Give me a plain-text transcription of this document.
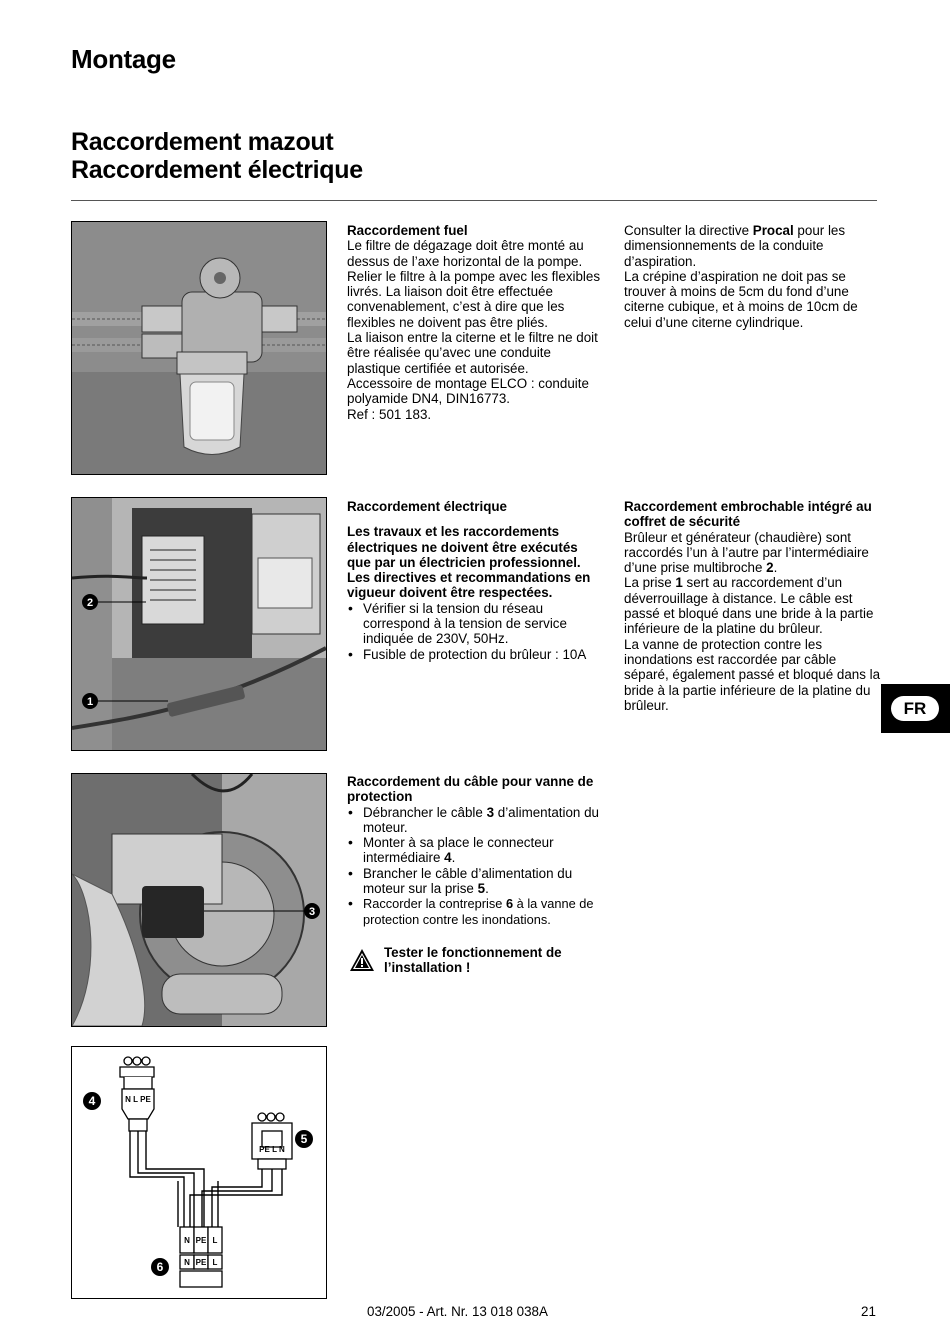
Montage
Raccordement mazout
Raccordement électrique

Raccordement fuel

Le filtre de dégazage doit être monté au dessus de l’axe horizontal de la pompe.

Relier le filtre à la pompe avec les flexibles livrés. La liaison doit être effectuée convenablement, c’est à dire que les flexibles ne doivent pas être pliés.

La liaison entre la citerne et le filtre ne doit être réalisée qu’avec une conduite plastique certifiée et autorisée.

Accessoire de montage ELCO : conduite polyamide DN4, DIN16773.

Ref : 501 183.

Consulter la directive Procal pour les dimensionnements de la conduite d’aspiration.

La crépine d’aspiration ne doit pas se trouver à moins de 5cm du fond d’une citerne cubique, et à moins de 10cm de celui d’une citerne cylindrique.

2
1

Raccordement électrique

Les travaux et les raccordements électriques ne doivent être exécutés que par un électricien professionnel. Les directives et recommandations en vigueur doivent être respectées.

• Vérifier si la tension du réseau correspond à la tension de service indiquée de 230V, 50Hz.

• Fusible de protection du brûleur : 10A

Raccordement embrochable intégré au coffret de sécurité

Brûleur et générateur (chaudière) sont raccordés l’un à l’autre par l’intermédiaire d’une prise multibroche 2.

La prise 1 sert au raccordement d’un déverrouillage à distance. Le câble est passé et bloqué dans une bride à la partie inférieure de la platine du brûleur.

La vanne de protection contre les inondations est raccordée par câble séparé, également passé et bloqué dans la bride à la partie inférieure de la platine du brûleur.	FR
3

Raccordement du câble pour vanne de protection

• Débrancher le câble 3 d’alimentation du moteur.

• Monter à sa place le connecteur intermédiaire 4.

• Brancher le câble d’alimentation du moteur sur la prise 5.

• Raccorder la contreprise 6 à la vanne de protection contre les inondations.

Tester le fonctionnement de l’installation !
N L PE
PE L N
N PE L
N PE L
4
5
6
03/2005 - Art. Nr. 13 018 038A	21
